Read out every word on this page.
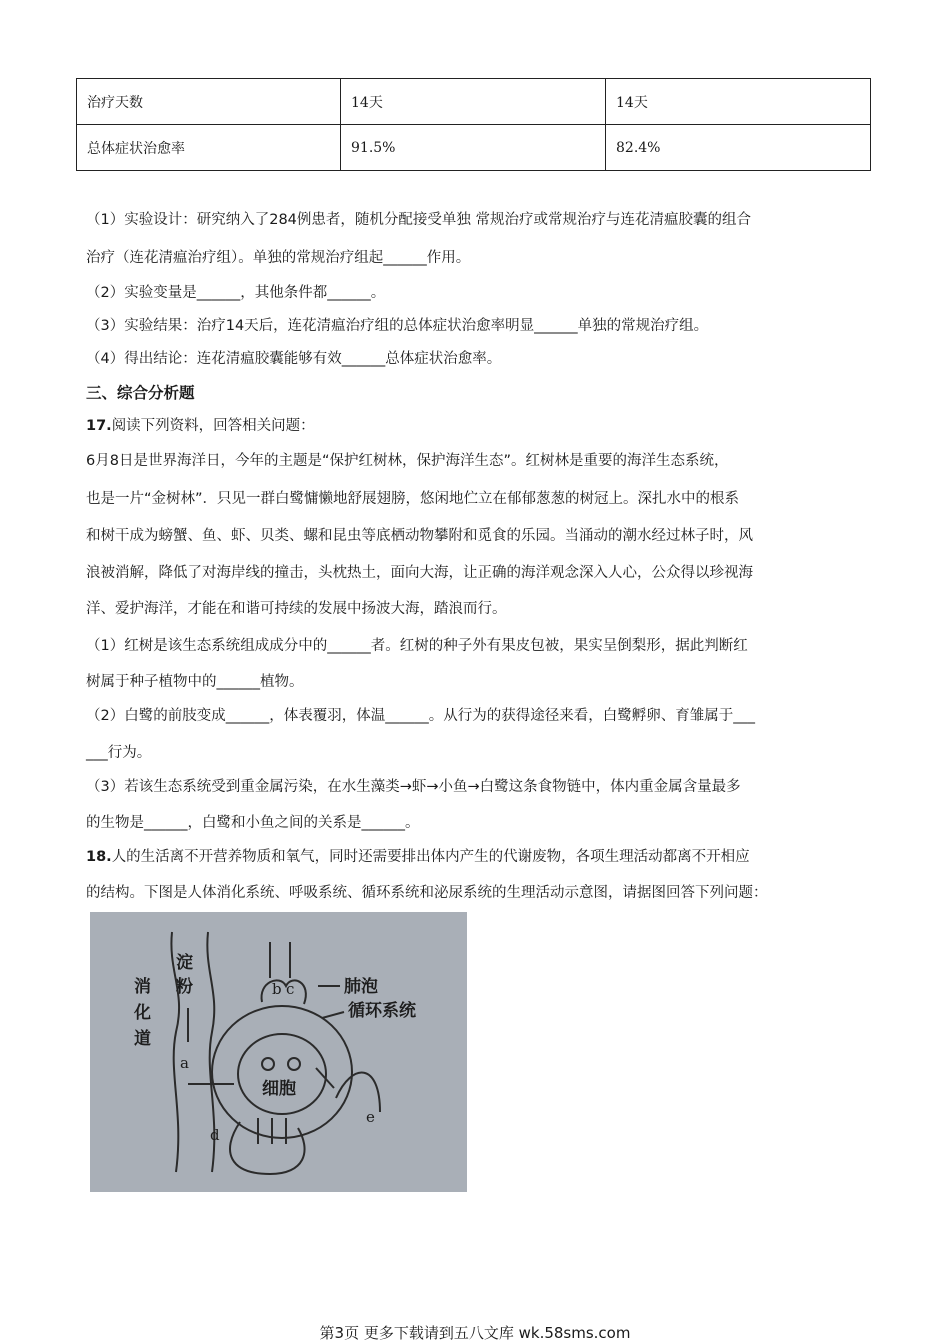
治疗天数	14天	14天
总体症状治愈率	91.5%	82.4%
（1）实验设计：研究纳入了284例患者，随机分配接受单独 常规治疗或常规治疗与连花清瘟胶囊的组合
治疗（连花清瘟治疗组）。单独的常规治疗组起______作用。
（2）实验变量是______，其他条件都______。
（3）实验结果：治疗14天后，连花清瘟治疗组的总体症状治愈率明显______单独的常规治疗组。
（4）得出结论：连花清瘟胶囊能够有效______总体症状治愈率。
三、综合分析题
17.阅读下列资料，回答相关问题：
6月8日是世界海洋日，今年的主题是“保护红树林，保护海洋生态”。红树林是重要的海洋生态系统，
也是一片“金树林”．只见一群白鹭慵懒地舒展翅膀，悠闲地伫立在郁郁葱葱的树冠上。深扎水中的根系
和树干成为螃蟹、鱼、虾、贝类、螺和昆虫等底栖动物攀附和觅食的乐园。当涌动的潮水经过林子时，风
浪被消解，降低了对海岸线的撞击，头枕热土，面向大海，让正确的海洋观念深入人心，公众得以珍视海
洋、爱护海洋，才能在和谐可持续的发展中扬波大海，踏浪而行。
（1）红树是该生态系统组成成分中的______者。红树的种子外有果皮包被，果实呈倒梨形，据此判断红
树属于种子植物中的______植物。
（2）白鹭的前肢变成______，体表覆羽，体温______。从行为的获得途径来看，白鹭孵卵、育雏属于___
___行为。
（3）若该生态系统受到重金属污染，在水生藻类→虾→小鱼→白鹭这条食物链中，体内重金属含量最多
的生物是______，白鹭和小鱼之间的关系是______。
18.人的生活离不开营养物质和氧气，同时还需要排出体内产生的代谢废物，各项生理活动都离不开相应
的结构。下图是人体消化系统、呼吸系统、循环系统和泌尿系统的生理活动示意图，请据图回答下列问题：
淀
粉
消
化
道
肺泡
循环系统
细胞
a
b c
d
e
第3页 更多下载请到五八文库 wk.58sms.com
